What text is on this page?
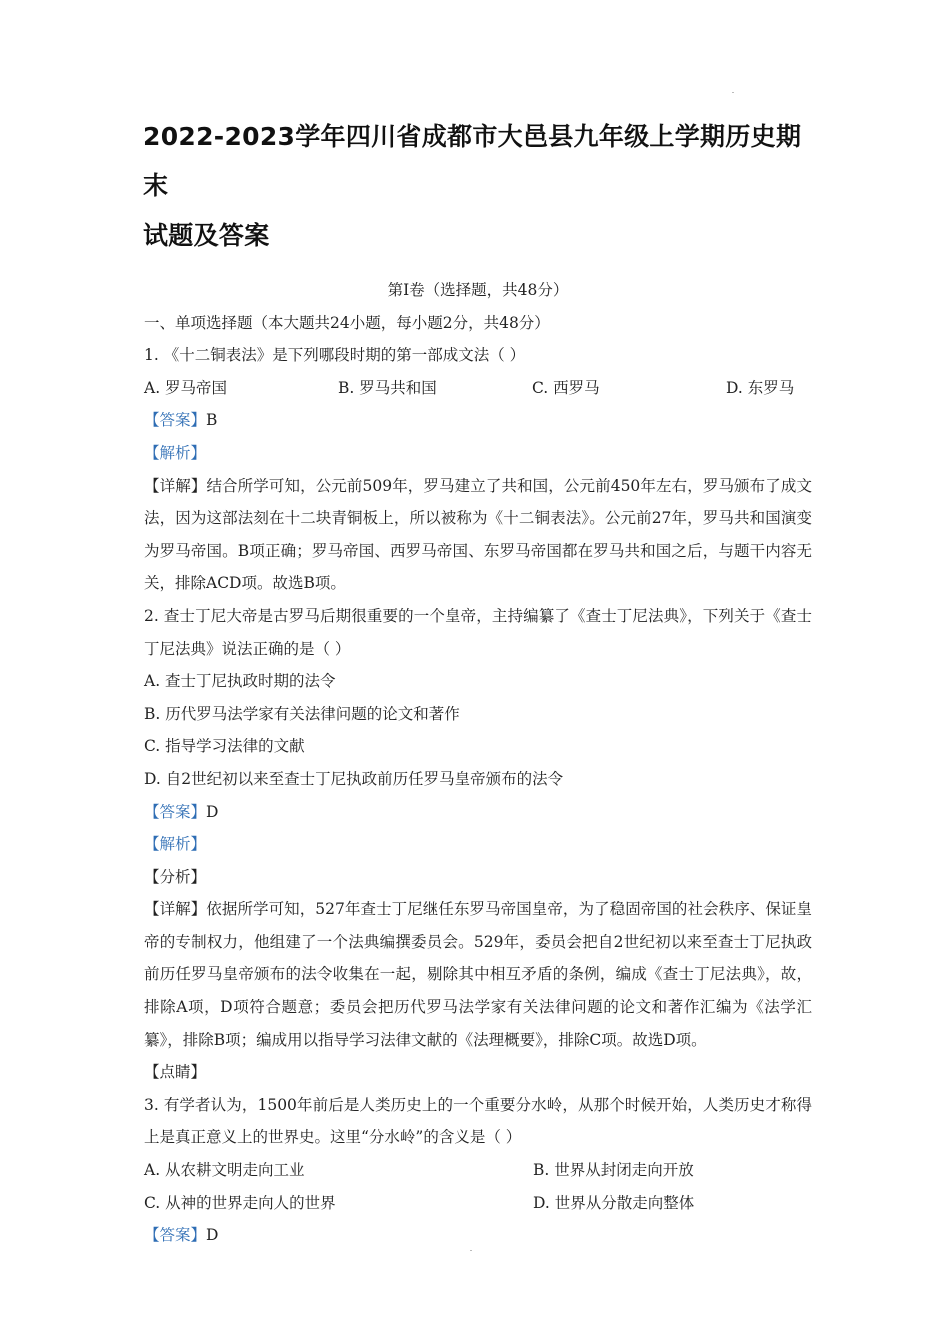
2022-2023学年四川省成都市大邑县九年级上学期历史期末
试题及答案
第I卷（选择题，共48分）
一、单项选择题（本大题共24小题，每小题2分，共48分）
1. 《十二铜表法》是下列哪段时期的第一部成文法（ ）
A. 罗马帝国	B. 罗马共和国	C. 西罗马	D. 东罗马
【答案】B
【解析】
【详解】结合所学可知，公元前509年，罗马建立了共和国，公元前450年左右，罗马颁布了成文法，因为这部法刻在十二块青铜板上，所以被称为《十二铜表法》。公元前27年，罗马共和国演变为罗马帝国。B项正确；罗马帝国、西罗马帝国、东罗马帝国都在罗马共和国之后，与题干内容无关，排除ACD项。故选B项。
2. 查士丁尼大帝是古罗马后期很重要的一个皇帝，主持编纂了《查士丁尼法典》，下列关于《查士丁尼法典》说法正确的是（ ）
A. 查士丁尼执政时期的法令
B. 历代罗马法学家有关法律问题的论文和著作
C. 指导学习法律的文献
D. 自2世纪初以来至查士丁尼执政前历任罗马皇帝颁布的法令
【答案】D
【解析】
【分析】
【详解】依据所学可知，527年查士丁尼继任东罗马帝国皇帝，为了稳固帝国的社会秩序、保证皇帝的专制权力，他组建了一个法典编撰委员会。529年，委员会把自2世纪初以来至查士丁尼执政前历任罗马皇帝颁布的法令收集在一起，剔除其中相互矛盾的条例，编成《查士丁尼法典》，故，排除A项，D项符合题意；委员会把历代罗马法学家有关法律问题的论文和著作汇编为《法学汇纂》，排除B项；编成用以指导学习法律文献的《法理概要》，排除C项。故选D项。
【点睛】
3. 有学者认为，1500年前后是人类历史上的一个重要分水岭，从那个时候开始，人类历史才称得上是真正意义上的世界史。这里“分水岭”的含义是（ ）
A. 从农耕文明走向工业	B. 世界从封闭走向开放
C. 从神的世界走向人的世界	D. 世界从分散走向整体
【答案】D
